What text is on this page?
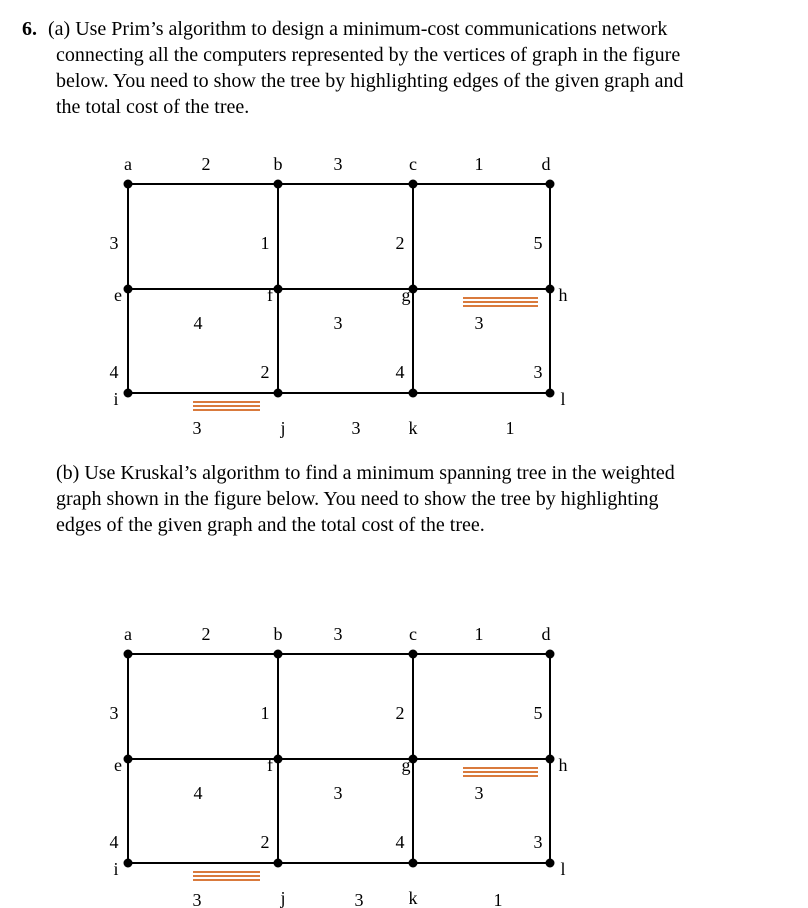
6. (a) Use Prim’s algorithm to design a minimum-cost communications network
connecting all the computers represented by the vertices of graph in the figure
below. You need to show the tree by highlighting edges of the given graph and
the total cost of the tree.
a	b	c	d
e	f	g	h
i
j	k
l
2	3	1
3	1	2	5
4	3	3
4	2	4	3
3	3	1
(b) Use Kruskal’s algorithm to find a minimum spanning tree in the weighted
graph shown in the figure below. You need to show the tree by highlighting
edges of the given graph and the total cost of the tree.
a	b	c	d
e	f	g	h
i
j	k
l
2	3	1
3	1	2	5
4	3	3
4	2	4	3
3	3	1
